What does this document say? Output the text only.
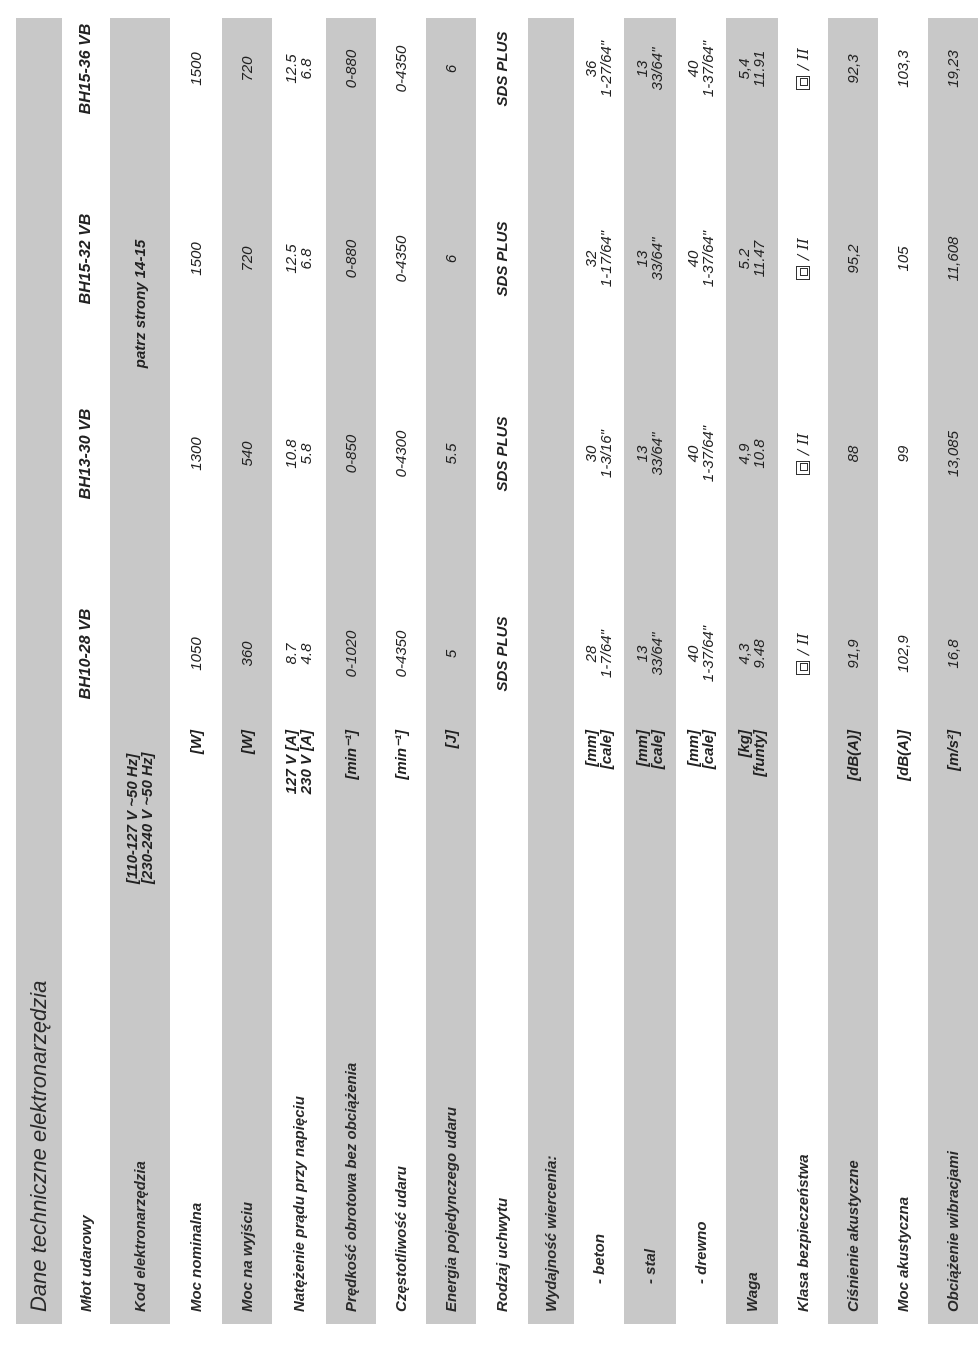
Dane techniczne elektronarzędzia	Młot udarowy
BH10-28 VB
BH13-30 VB
BH15-32 VB
BH15-36 VB
Kod elektronarzędzia
[110-127 V ~50 Hz]
[230-240 V ~50 Hz]
patrz strony 14-15
Moc nominalna
[W]
1050
1300
1500
1500
Moc na wyjściu
[W]
360
540
720
720
Natężenie prądu przy napięciu
127 V [A]
230 V [A]
8.7
4.8
10.8
5.8
12.5
6.8
12.5
6.8
Prędkość obrotowa bez obciążenia
[min⁻¹]
0-1020
0-850
0-880
0-880
Częstotliwość udaru
[min⁻¹]
0-4350
0-4300
0-4350
0-4350
Energia pojedynczego udaru
[J]
5
5.5
6
6
Rodzaj uchwytu
SDS PLUS
SDS PLUS
SDS PLUS
SDS PLUS
Wydajność wiercenia:	- beton
[mm]
[cale]
28
1-7/64"
30
1-3/16"
32
1-17/64"
36
1-27/64"
- stal
[mm]
[cale]
13
33/64"
13
33/64"
13
33/64"
13
33/64"
- drewno
[mm]
[cale]
40
1-37/64"
40
1-37/64"
40
1-37/64"
40
1-37/64"
Waga
[kg]
[funty]
4,3
9.48
4,9
10.8
5.2
11.47
5,4
11.91
Klasa bezpieczeństwa
/ II
/ II
/ II
/ II
Ciśnienie akustyczne
[dB(A)]
91,9
88
95,2
92,3
Moc akustyczna
[dB(A)]
102,9
99
105
103,3
Obciążenie wibracjami
[m/s²]
16,8
13,085
11,608
19,23
